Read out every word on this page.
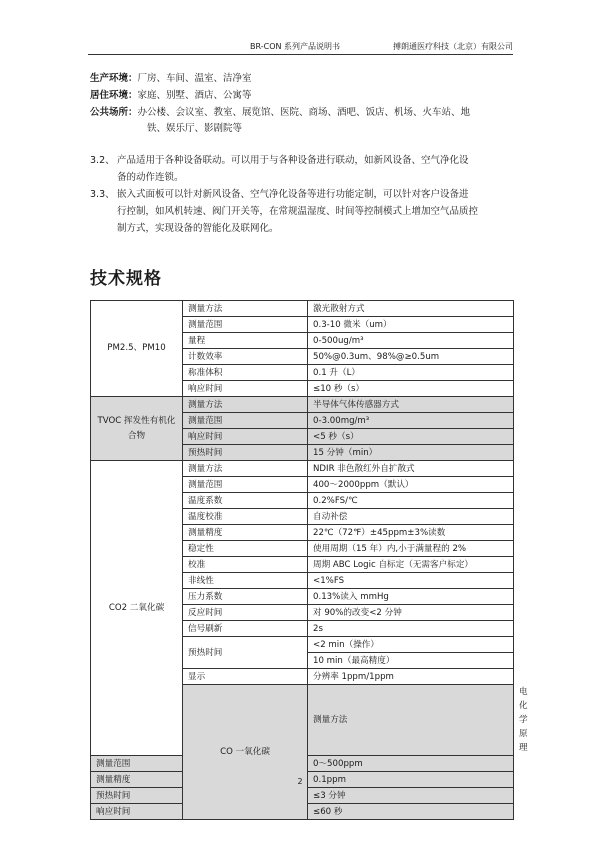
BR-CON 系列产品说明书	搏朗通医疗科技（北京）有限公司
生产环境：厂房、车间、温室、洁净室
居住环境：家庭、别墅、酒店、公寓等
公共场所：办公楼、会议室、教室、展览馆、医院、商场、酒吧、饭店、机场、火车站、地
铁、娱乐厅、影剧院等
3.2、 产品适用于各种设备联动。可以用于与各种设备进行联动，如新风设备、空气净化设
备的动作连锁。
3.3、 嵌入式面板可以针对新风设备、空气净化设备等进行功能定制，可以针对客户设备进
行控制，如风机转速、阀门开关等，在常规温湿度、时间等控制模式上增加空气品质控
制方式，实现设备的智能化及联网化。
技术规格
PM2.5、PM10	测量方法	激光散射方式	
	测量范围	0.3-10 微米（um）	
	量程	0-500ug/m³	
	计数效率	50%@0.3um、98%@≥0.5um	
	称准体积	0.1 升（L）	
	响应时间	≤10 秒（s）	
TVOC 挥发性有机化合物	测量方法	半导体气体传感器方式	
	测量范围	0-3.00mg/m³	
	响应时间	<5 秒（s）	
	预热时间	15 分钟（min）	
CO2 二氧化碳	测量方法	NDIR 非色散红外自扩散式	
	测量范围	400～2000ppm（默认）	
	温度系数	0.2%FS/℃	
	温度校准	自动补偿	
	测量精度	22℃（72℉）±45ppm±3%读数	
	稳定性	使用周期（15 年）内,小于满量程的 2%	
	校准	周期 ABC Logic 自标定（无需客户标定）	
	非线性	<1%FS	
	压力系数	0.13%读入 mmHg	
	反应时间	对 90%的改变<2 分钟	
	信号刷新	2s	
	预热时间	<2 min（操作）	
		10 min（最高精度）	
	显示	分辨率 1ppm/1ppm	
	CO 一氧化碳	测量方法	电化学原理
测量范围		0～500ppm	
测量精度		0.1ppm	
预热时间		≤3 分钟	
响应时间		≤60 秒	
2
